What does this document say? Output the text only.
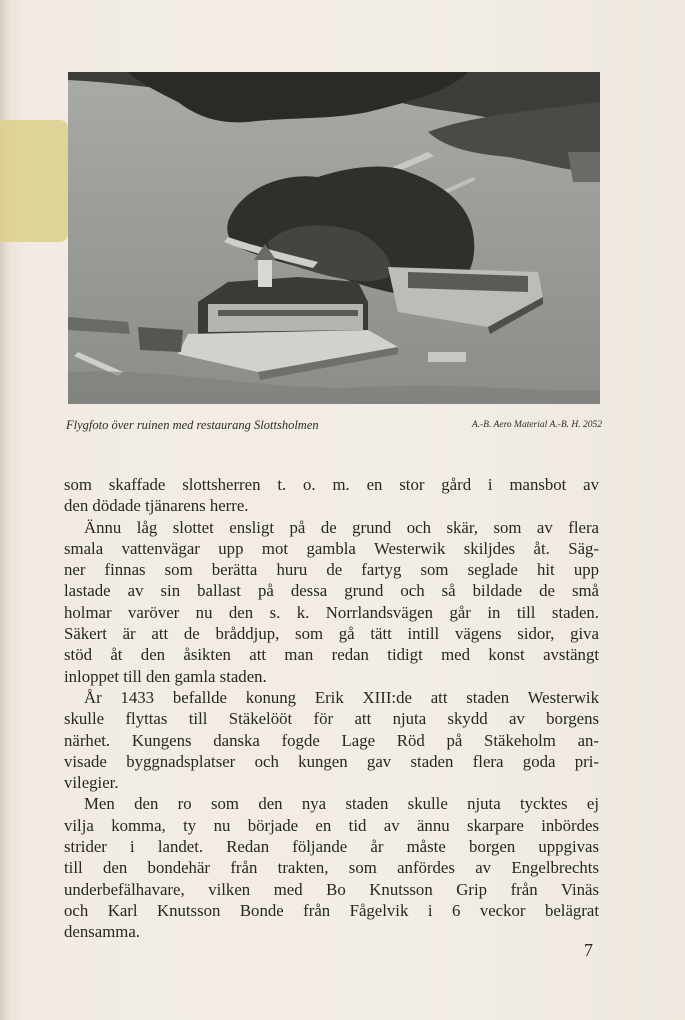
Flygfoto över ruinen med restaurang Slottsholmen	A.-B. Aero Material A.-B. H. 2052
som skaffade slottsherren t. o. m. en stor gård i mansbot av
den dödade tjänarens herre.
Ännu låg slottet ensligt på de grund och skär, som av flera
smala vattenvägar upp mot gambla Westerwik skiljdes åt. Säg-
ner finnas som berätta huru de fartyg som seglade hit upp
lastade av sin ballast på dessa grund och så bildade de små
holmar varöver nu den s. k. Norrlandsvägen går in till staden.
Säkert är att de bråddjup, som gå tätt intill vägens sidor, giva
stöd åt den åsikten att man redan tidigt med konst avstängt
inloppet till den gamla staden.
År 1433 befallde konung Erik XIII:de att staden Westerwik
skulle flyttas till Stäkelööt för att njuta skydd av borgens
närhet. Kungens danska fogde Lage Röd på Stäkeholm an-
visade byggnadsplatser och kungen gav staden flera goda pri-
vilegier.
Men den ro som den nya staden skulle njuta tycktes ej
vilja komma, ty nu började en tid av ännu skarpare inbördes
strider i landet. Redan följande år måste borgen uppgivas
till den bondehär från trakten, som anfördes av Engelbrechts
underbefälhavare, vilken med Bo Knutsson Grip från Vinäs
och Karl Knutsson Bonde från Fågelvik i 6 veckor belägrat
densamma.
7
